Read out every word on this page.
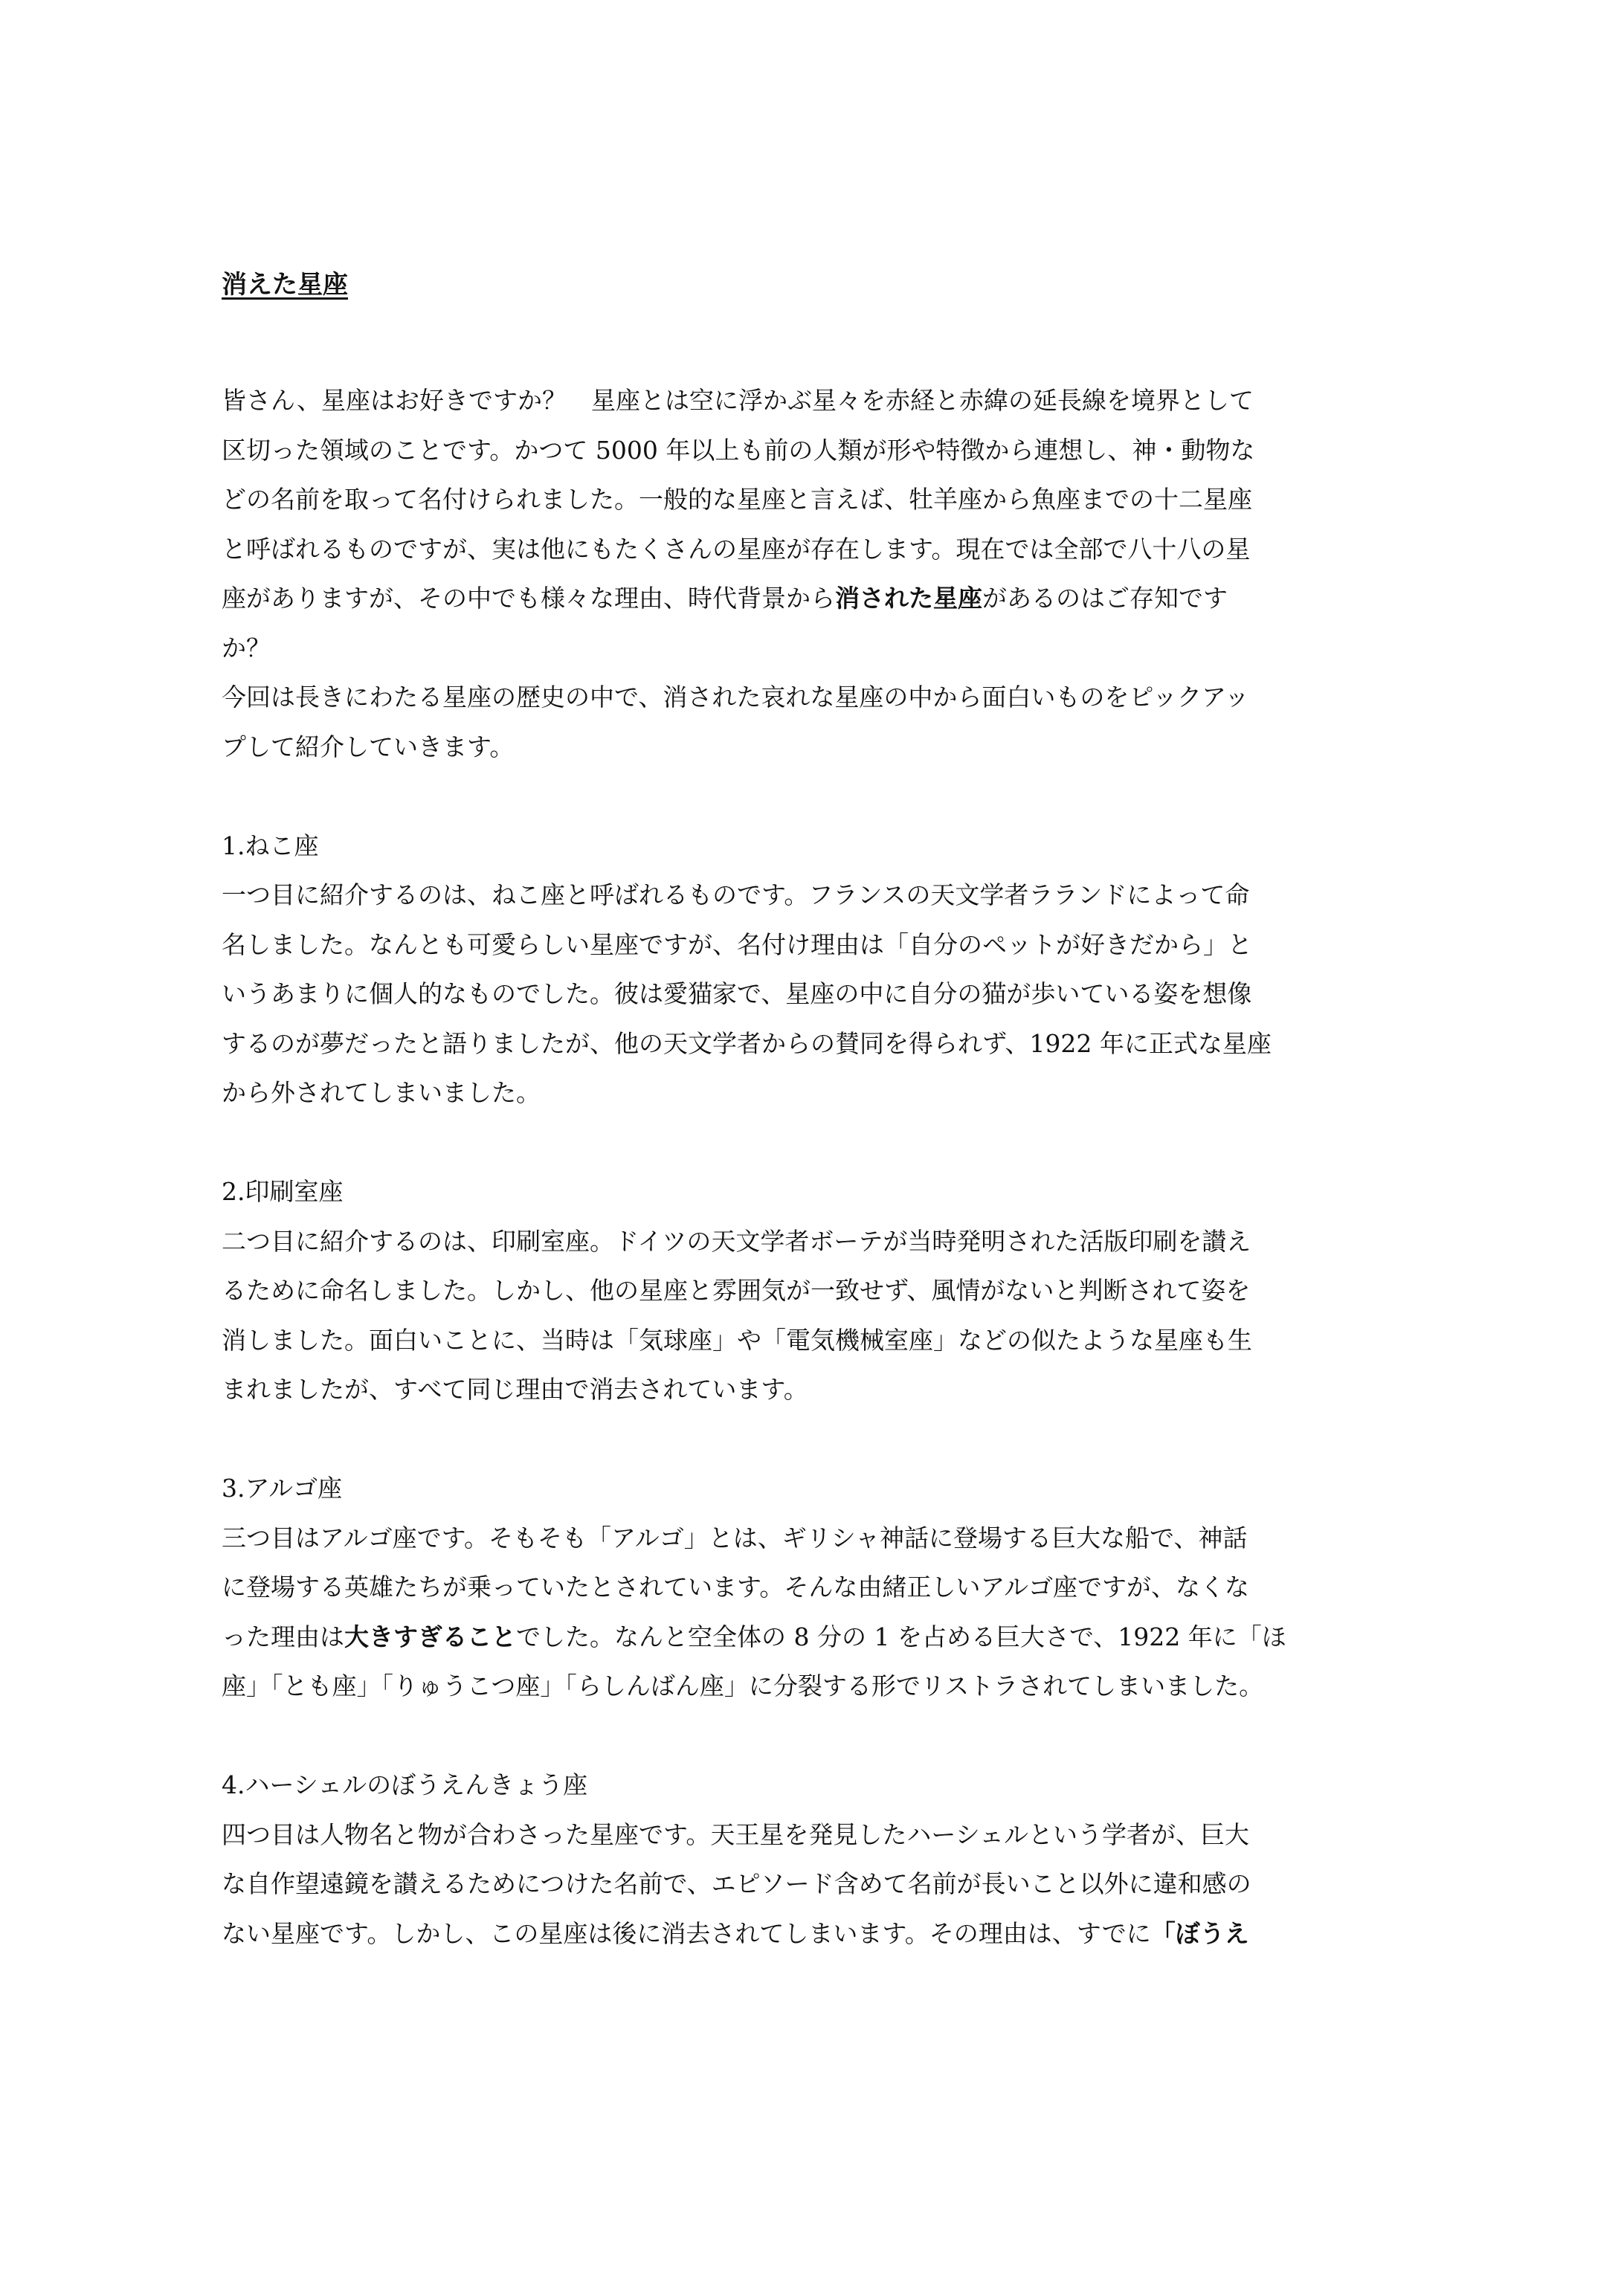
消えた星座
皆さん、星座はお好きですか？　星座とは空に浮かぶ星々を赤経と赤緯の延長線を境界として
区切った領域のことです。かつて 5000 年以上も前の人類が形や特徴から連想し、神・動物な
どの名前を取って名付けられました。一般的な星座と言えば、牡羊座から魚座までの十二星座
と呼ばれるものですが、実は他にもたくさんの星座が存在します。現在では全部で八十八の星
座がありますが、その中でも様々な理由、時代背景から消された星座があるのはご存知です
か？
今回は長きにわたる星座の歴史の中で、消された哀れな星座の中から面白いものをピックアッ
プして紹介していきます。
1.ねこ座
一つ目に紹介するのは、ねこ座と呼ばれるものです。フランスの天文学者ラランドによって命
名しました。なんとも可愛らしい星座ですが、名付け理由は「自分のペットが好きだから」と
いうあまりに個人的なものでした。彼は愛猫家で、星座の中に自分の猫が歩いている姿を想像
するのが夢だったと語りましたが、他の天文学者からの賛同を得られず、1922 年に正式な星座
から外されてしまいました。
2.印刷室座
二つ目に紹介するのは、印刷室座。ドイツの天文学者ボーテが当時発明された活版印刷を讃え
るために命名しました。しかし、他の星座と雰囲気が一致せず、風情がないと判断されて姿を
消しました。面白いことに、当時は「気球座」や「電気機械室座」などの似たような星座も生
まれましたが、すべて同じ理由で消去されています。
3.アルゴ座
三つ目はアルゴ座です。そもそも「アルゴ」とは、ギリシャ神話に登場する巨大な船で、神話
に登場する英雄たちが乗っていたとされています。そんな由緒正しいアルゴ座ですが、なくな
った理由は大きすぎることでした。なんと空全体の 8 分の 1 を占める巨大さで、1922 年に「ほ
座」「とも座」「りゅうこつ座」「らしんばん座」に分裂する形でリストラされてしまいました。
4.ハーシェルのぼうえんきょう座
四つ目は人物名と物が合わさった星座です。天王星を発見したハーシェルという学者が、巨大
な自作望遠鏡を讃えるためにつけた名前で、エピソード含めて名前が長いこと以外に違和感の
ない星座です。しかし、この星座は後に消去されてしまいます。その理由は、すでに「ぼうえ
